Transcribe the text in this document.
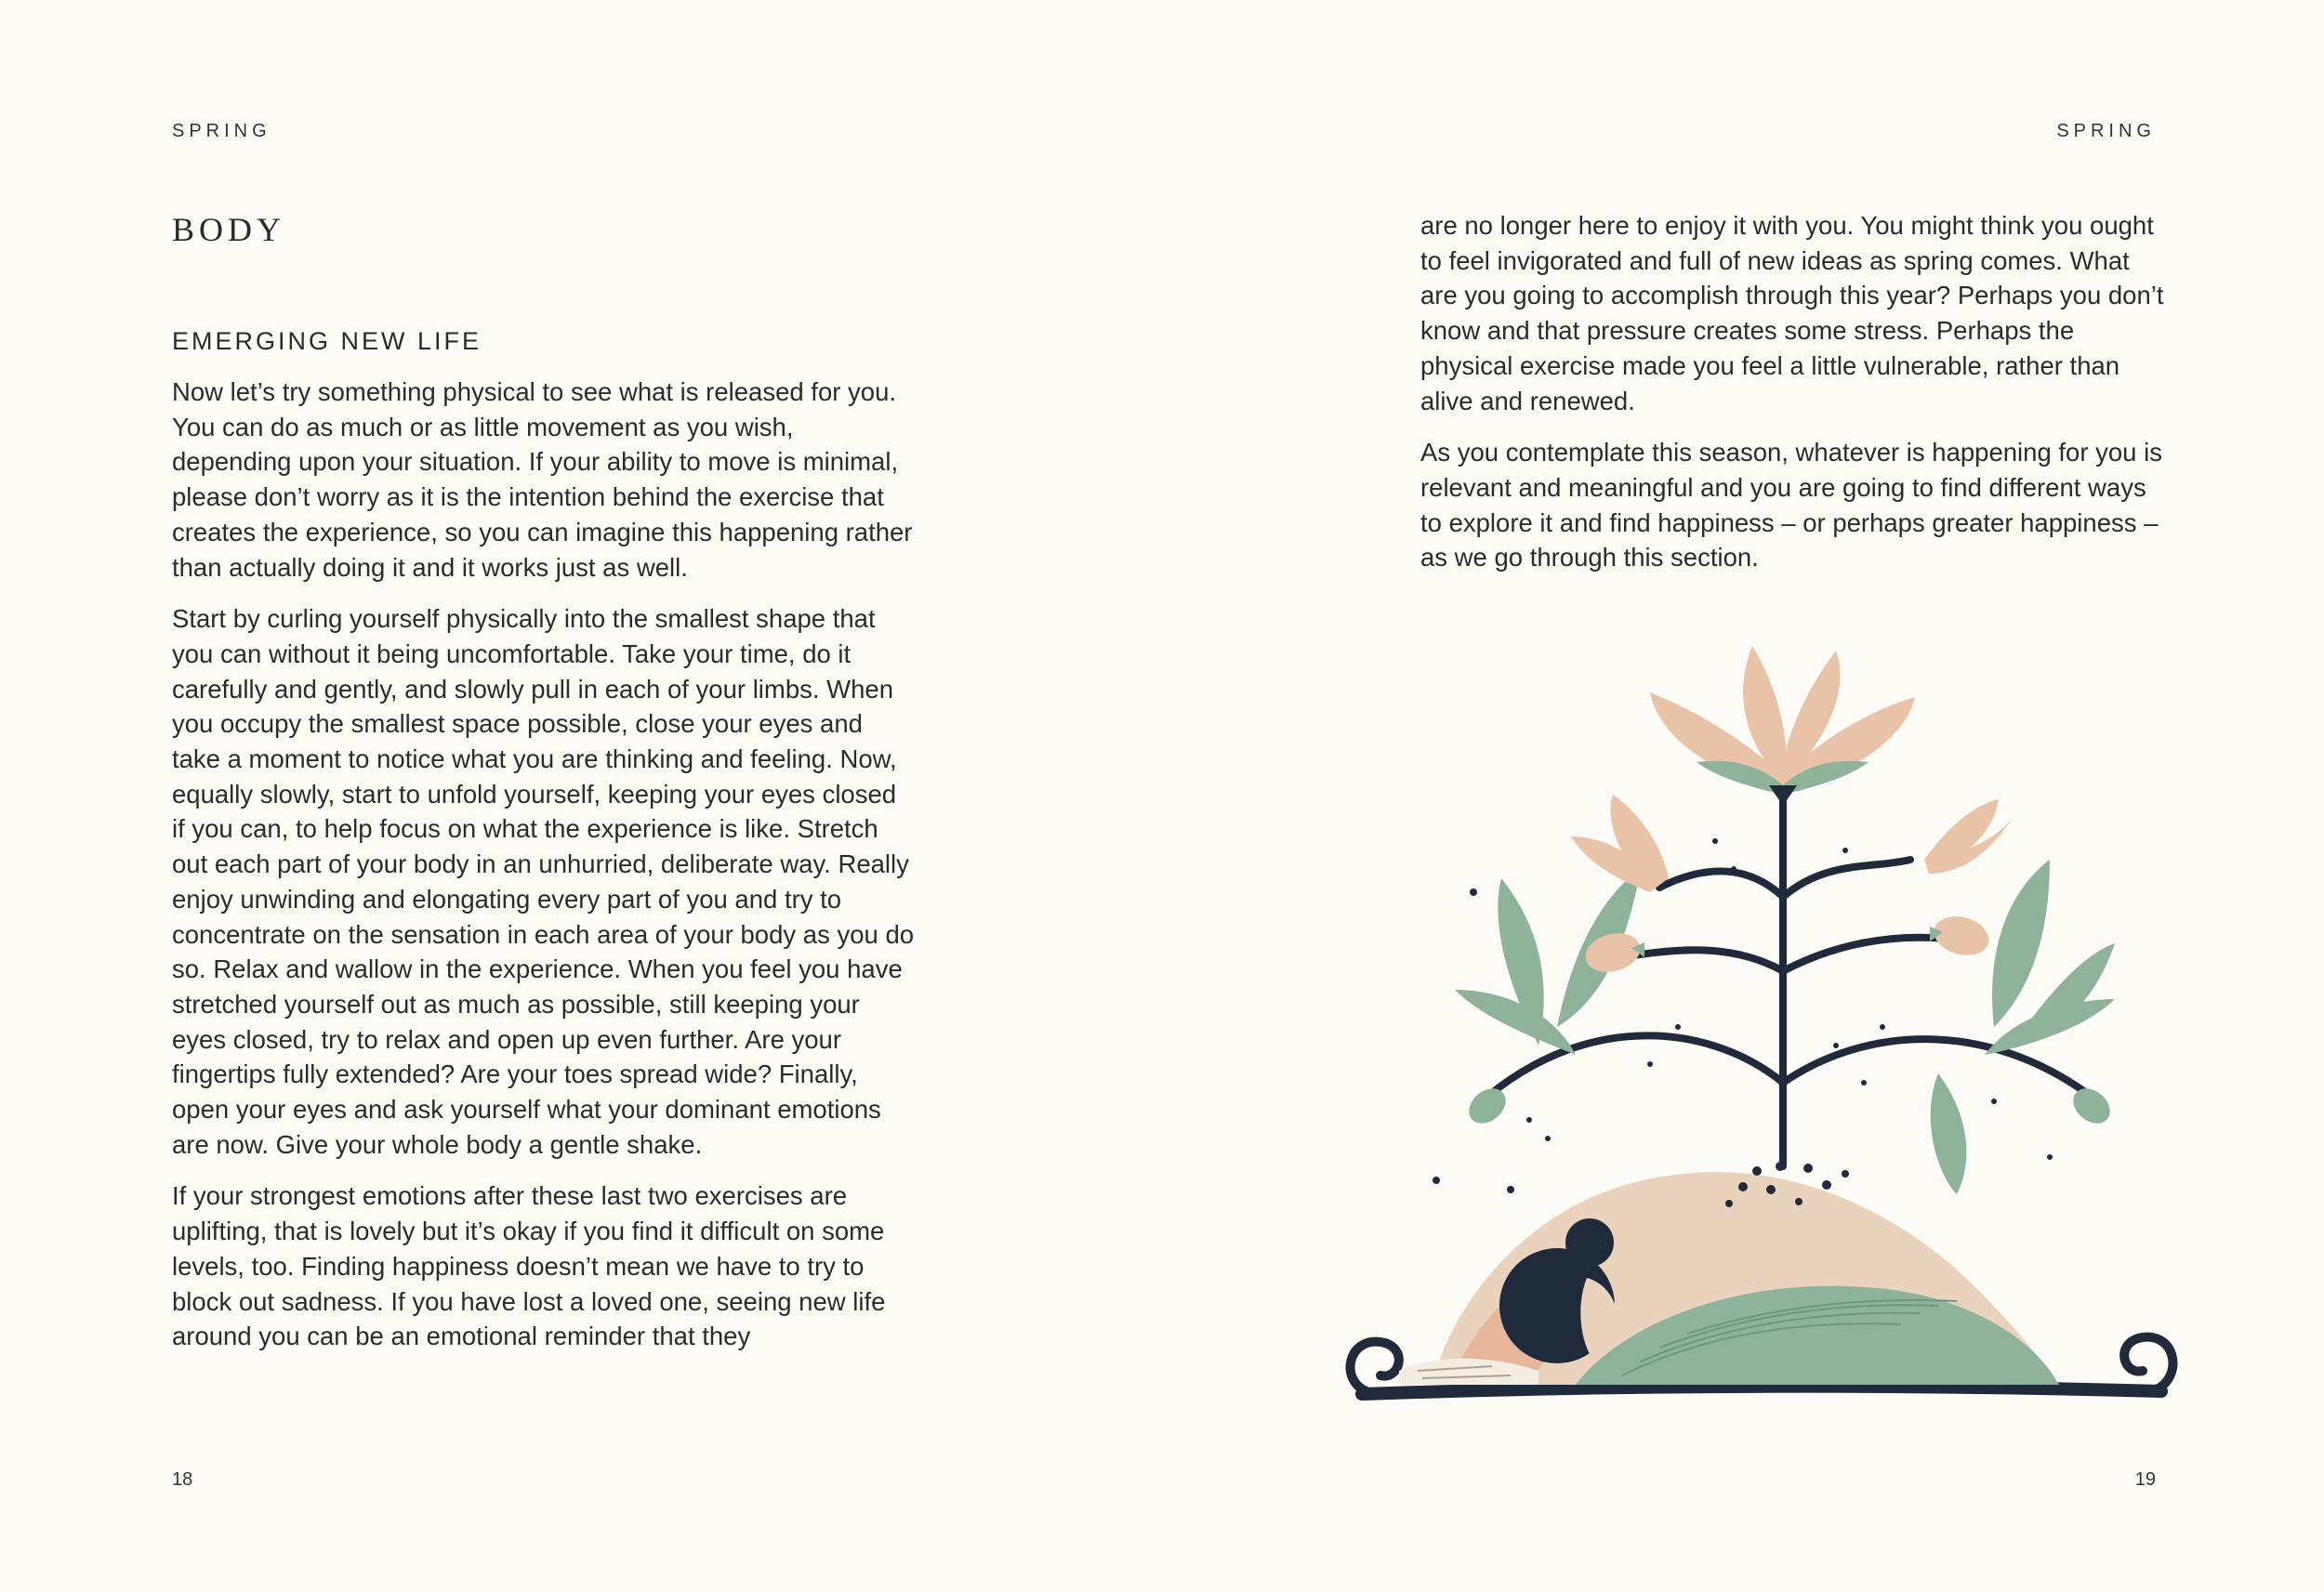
SPRING
BODY
EMERGING NEW LIFE

Now let’s try something physical to see what is released for you. You can do as much or as little movement as you wish, depending upon your situation. If your ability to move is minimal, please don’t worry as it is the intention behind the exercise that creates the experience, so you can imagine this happening rather than actually doing it and it works just as well.

Start by curling yourself physically into the smallest shape that you can without it being uncomfortable. Take your time, do it carefully and gently, and slowly pull in each of your limbs. When you occupy the smallest space possible, close your eyes and take a moment to notice what you are thinking and feeling. Now, equally slowly, start to unfold yourself, keeping your eyes closed if you can, to help focus on what the experience is like. Stretch out each part of your body in an unhurried, deliberate way. Really enjoy unwinding and elongating every part of you and try to concentrate on the sensation in each area of your body as you do so. Relax and wallow in the experience. When you feel you have stretched yourself out as much as possible, still keeping your eyes closed, try to relax and open up even further. Are your fingertips fully extended? Are your toes spread wide? Finally, open your eyes and ask yourself what your dominant emotions are now. Give your whole body a gentle shake.

If your strongest emotions after these last two exercises are uplifting, that is lovely but it’s okay if you find it difficult on some levels, too. Finding happiness doesn’t mean we have to try to block out sadness. If you have lost a loved one, seeing new life around you can be an emotional reminder that they

18
SPRING

are no longer here to enjoy it with you. You might think you ought to feel invigorated and full of new ideas as spring comes. What are you going to accomplish through this year? Perhaps you don’t know and that pressure creates some stress. Perhaps the physical exercise made you feel a little vulnerable, rather than alive and renewed.

As you contemplate this season, whatever is happening for you is relevant and meaningful and you are going to find different ways to explore it and find happiness – or perhaps greater happiness – as we go through this section.

19
